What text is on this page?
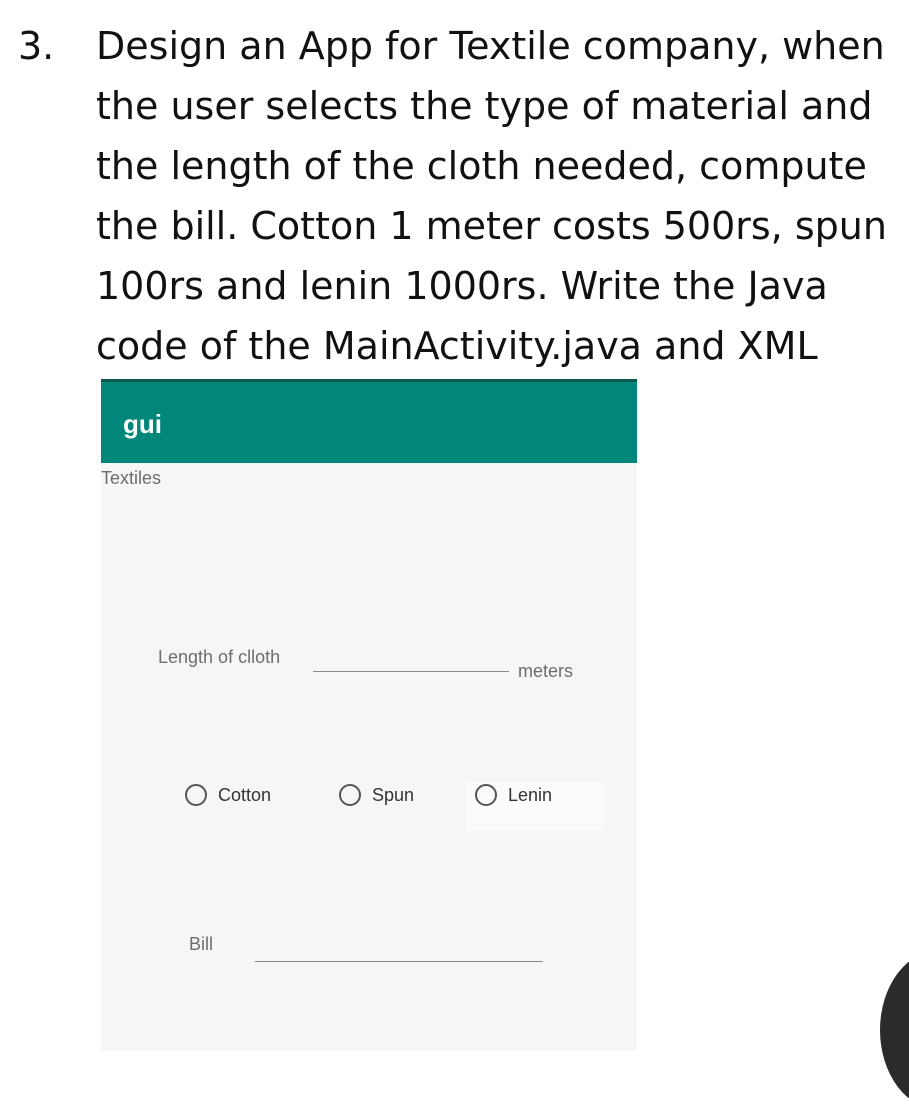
3. Design an App for Textile company, when
the user selects the type of material and
the length of the cloth needed, compute
the bill. Cotton 1 meter costs 500rs, spun
100rs and lenin 1000rs. Write the Java
code of the MainActivity.java and XML
gui
Textiles
Length of clloth
meters
Cotton	Spun	Lenin
Bill
